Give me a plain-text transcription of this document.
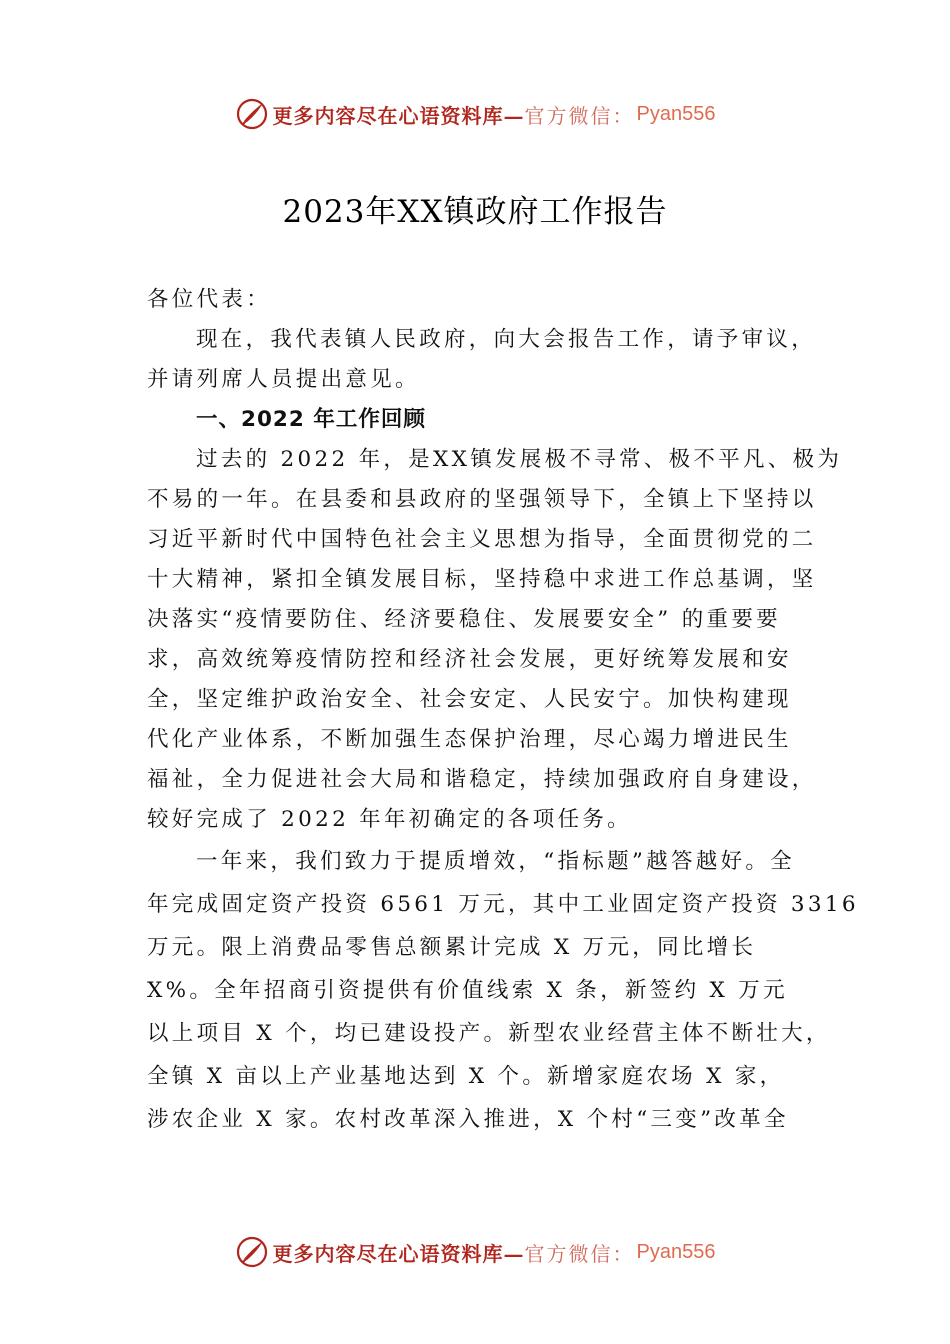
更多内容尽在心语资料库— 官方微信： Pyan556
2023年XX镇政府工作报告
各位代表：
现在，我代表镇人民政府，向大会报告工作，请予审议，
并请列席人员提出意见。
一、2022 年工作回顾
过去的 2022 年，是XX镇发展极不寻常、极不平凡、极为
不易的一年。在县委和县政府的坚强领导下，全镇上下坚持以
习近平新时代中国特色社会主义思想为指导，全面贯彻党的二
十大精神，紧扣全镇发展目标，坚持稳中求进工作总基调，坚
决落实“疫情要防住、经济要稳住、发展要安全” 的重要要
求，高效统筹疫情防控和经济社会发展，更好统筹发展和安
全，坚定维护政治安全、社会安定、人民安宁。加快构建现
代化产业体系，不断加强生态保护治理，尽心竭力增进民生
福祉，全力促进社会大局和谐稳定，持续加强政府自身建设，
较好完成了 2022 年年初确定的各项任务。
一年来，我们致力于提质增效，“指标题”越答越好。全
年完成固定资产投资 6561 万元，其中工业固定资产投资 3316
万元。限上消费品零售总额累计完成 X 万元，同比增长
X%。全年招商引资提供有价值线索 X 条，新签约 X 万元
以上项目 X 个，均已建设投产。新型农业经营主体不断壮大，
全镇 X 亩以上产业基地达到 X 个。新增家庭农场 X 家，
涉农企业 X 家。农村改革深入推进，X 个村“三变”改革全
更多内容尽在心语资料库— 官方微信： Pyan556
